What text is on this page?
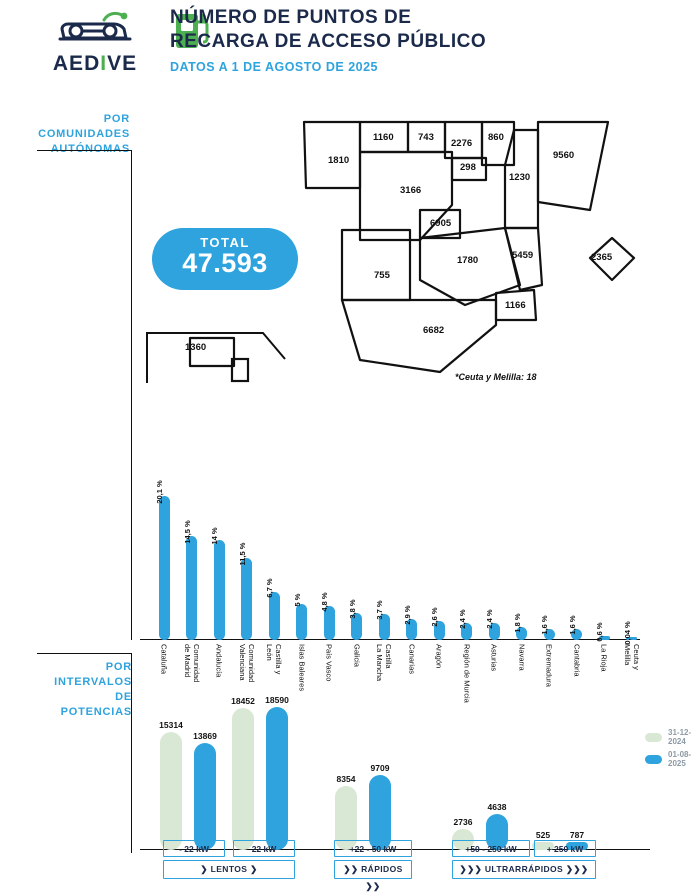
AEDIVE
NÚMERO DE PUNTOS DE
RECARGA DE ACCESO PÚBLICO
DATOS A 1 DE AGOSTO DE 2025
POR
COMUNIDADES
AUTÓNOMAS
1810
1160	743
2276
860
298
1230
9560
3166
6905
1780	2365
755
5459
1166
6682
1360
*Ceuta y Melilla: 18
TOTAL
47.593
20,1 %
Cataluña
14,5 %
Comunidad
de Madrid
14 %
Andalucía
11,5 %
Comunidad
Valenciana
6,7 %
Castilla y
León
5 %
Islas Baleares
4,8 %
País Vasco
3,8 %
Galicia
3,7 %
Castilla
La Mancha
2,9 %
Canarias
2,6 %
Aragón
2,4 %
Región de Murcia
2,4 %
Asturias
1,8 %
Navarra
1,6 %
Extremadura
1,6 %
Cantabria
0,6 %
La Rioja
0,04 %
Ceuta y
Melilla
POR
INTERVALOS
DE
POTENCIAS
31-12-2024
01-08-2025
15314
13869
18452 18590
8354
9709
2736
4638
525 787
- 22 kW	22 kW	+22 - 50 kW	+50 - 250 kW	+ 250 kW
❯ LENTOS ❯	❯❯ RÁPIDOS ❯❯
❯❯❯ ULTRARRÁPIDOS ❯❯❯
